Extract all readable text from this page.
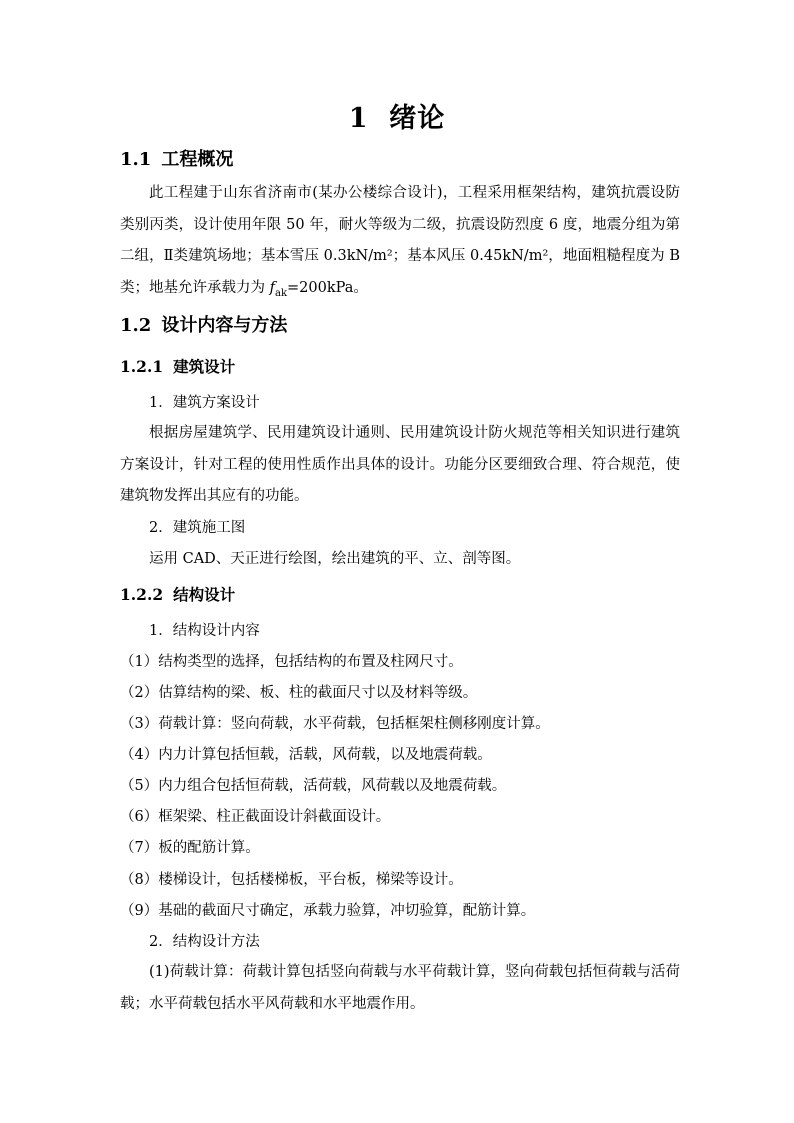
1 绪论
1.1 工程概况
此工程建于山东省济南市(某办公楼综合设计)，工程采用框架结构，建筑抗震设防类别丙类，设计使用年限 50 年，耐火等级为二级，抗震设防烈度 6 度，地震分组为第二组，Ⅱ类建筑场地；基本雪压 0.3kN/m²；基本风压 0.45kN/m²，地面粗糙程度为 B 类；地基允许承载力为 $f_{ak}=200kPa$。
1.2 设计内容与方法
1.2.1 建筑设计
1．建筑方案设计
根据房屋建筑学、民用建筑设计通则、民用建筑设计防火规范等相关知识进行建筑方案设计，针对工程的使用性质作出具体的设计。功能分区要细致合理、符合规范，使建筑物发挥出其应有的功能。
2．建筑施工图
运用 CAD、天正进行绘图，绘出建筑的平、立、剖等图。
1.2.2 结构设计
1．结构设计内容
（1）结构类型的选择，包括结构的布置及柱网尺寸。
（2）估算结构的梁、板、柱的截面尺寸以及材料等级。
（3）荷载计算：竖向荷载，水平荷载，包括框架柱侧移刚度计算。
（4）内力计算包括恒载，活载，风荷载，以及地震荷载。
（5）内力组合包括恒荷载，活荷载，风荷载以及地震荷载。
（6）框架梁、柱正截面设计斜截面设计。
（7）板的配筋计算。
（8）楼梯设计，包括楼梯板，平台板，梯梁等设计。
（9）基础的截面尺寸确定，承载力验算，冲切验算，配筋计算。
2．结构设计方法
(1)荷载计算：荷载计算包括竖向荷载与水平荷载计算，竖向荷载包括恒荷载与活荷载；水平荷载包括水平风荷载和水平地震作用。
